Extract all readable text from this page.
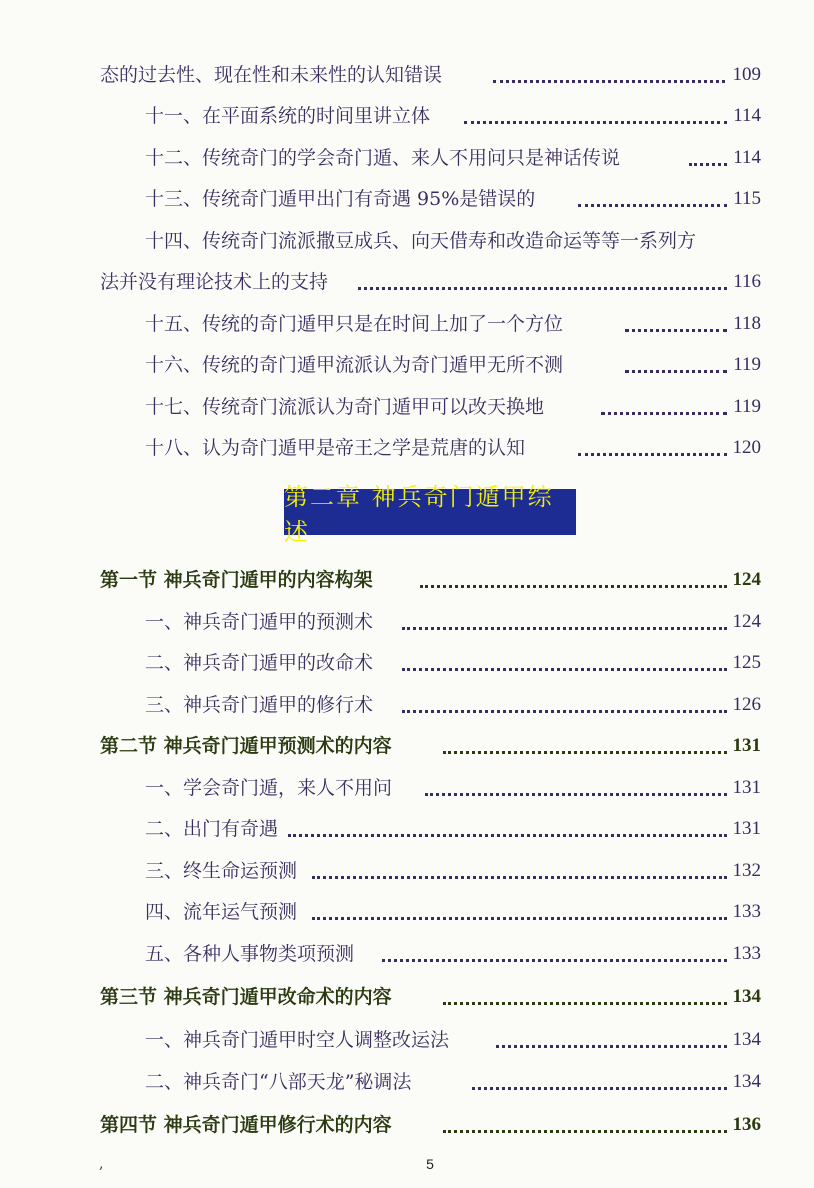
态的过去性、现在性和未来性的认知错误	109
十一、在平面系统的时间里讲立体	114
十二、传统奇门的学会奇门遁、来人不用问只是神话传说	114
十三、传统奇门遁甲出门有奇遇 95%是错误的	115
十四、传统奇门流派撒豆成兵、向天借寿和改造命运等等一系列方
法并没有理论技术上的支持	116
十五、传统的奇门遁甲只是在时间上加了一个方位	118
十六、传统的奇门遁甲流派认为奇门遁甲无所不测	119
十七、传统奇门流派认为奇门遁甲可以改天换地	119
十八、认为奇门遁甲是帝王之学是荒唐的认知	120
第二章 神兵奇门遁甲综述
第一节 神兵奇门遁甲的内容构架	124
一、神兵奇门遁甲的预测术	124
二、神兵奇门遁甲的改命术	125
三、神兵奇门遁甲的修行术	126
第二节 神兵奇门遁甲预测术的内容	131
一、学会奇门遁，来人不用问	131
二、出门有奇遇	131
三、终生命运预测	132
四、流年运气预测	133
五、各种人事物类项预测	133
第三节 神兵奇门遁甲改命术的内容	134
一、神兵奇门遁甲时空人调整改运法	134
二、神兵奇门“八部天龙”秘调法	134
第四节 神兵奇门遁甲修行术的内容	136
,	5
